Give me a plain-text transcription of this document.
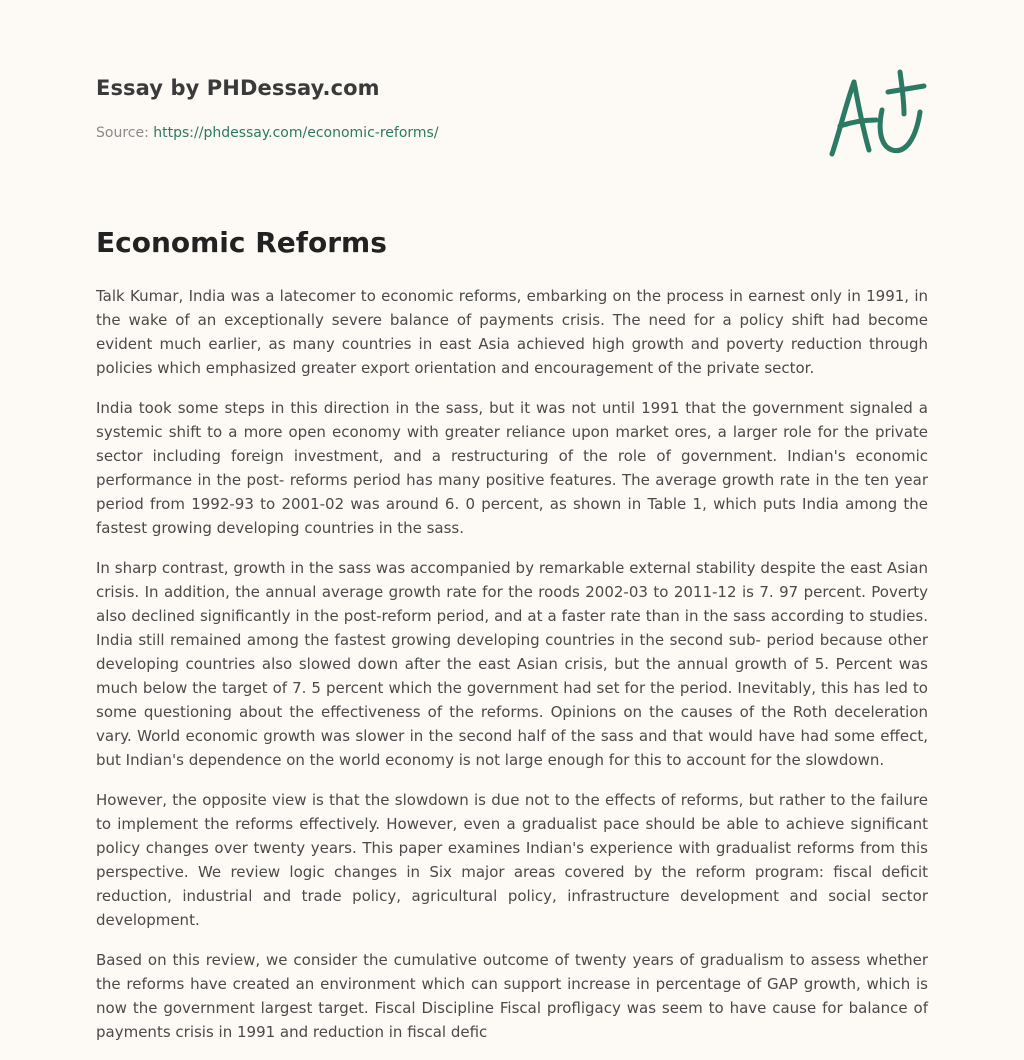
Essay by PHDessay.com
Source: https://phdessay.com/economic-reforms/
Economic Reforms

Talk Kumar, India was a latecomer to economic reforms, embarking on the process in earnest only in 1991, in the wake of an exceptionally severe balance of payments crisis. The need for a policy shift had become evident much earlier, as many countries in east Asia achieved high growth and poverty reduction through policies which emphasized greater export orientation and encouragement of the private sector.

India took some steps in this direction in the sass, but it was not until 1991 that the government signaled a systemic shift to a more open economy with greater reliance upon market ores, a larger role for the private sector including foreign investment, and a restructuring of the role of government. Indian's economic performance in the post- reforms period has many positive features. The average growth rate in the ten year period from 1992-93 to 2001-02 was around 6. 0 percent, as shown in Table 1, which puts India among the fastest growing developing countries in the sass.

In sharp contrast, growth in the sass was accompanied by remarkable external stability despite the east Asian crisis. In addition, the annual average growth rate for the roods 2002-03 to 2011-12 is 7. 97 percent. Poverty also declined significantly in the post-reform period, and at a faster rate than in the sass according to studies. India still remained among the fastest growing developing countries in the second sub- period because other developing countries also slowed down after the east Asian crisis, but the annual growth of 5. Percent was much below the target of 7. 5 percent which the government had set for the period. Inevitably, this has led to some questioning about the effectiveness of the reforms. Opinions on the causes of the Roth deceleration vary. World economic growth was slower in the second half of the sass and that would have had some effect, but Indian's dependence on the world economy is not large enough for this to account for the slowdown.

However, the opposite view is that the slowdown is due not to the effects of reforms, but rather to the failure to implement the reforms effectively. However, even a gradualist pace should be able to achieve significant policy changes over twenty years. This paper examines Indian's experience with gradualist reforms from this perspective. We review logic changes in Six major areas covered by the reform program: fiscal deficit reduction, industrial and trade policy, agricultural policy, infrastructure development and social sector development.

Based on this review, we consider the cumulative outcome of twenty years of gradualism to assess whether the reforms have created an environment which can support increase in percentage of GAP growth, which is now the government largest target. Fiscal Discipline Fiscal profligacy was seem to have cause for balance of payments crisis in 1991 and reduction in fiscal defic
